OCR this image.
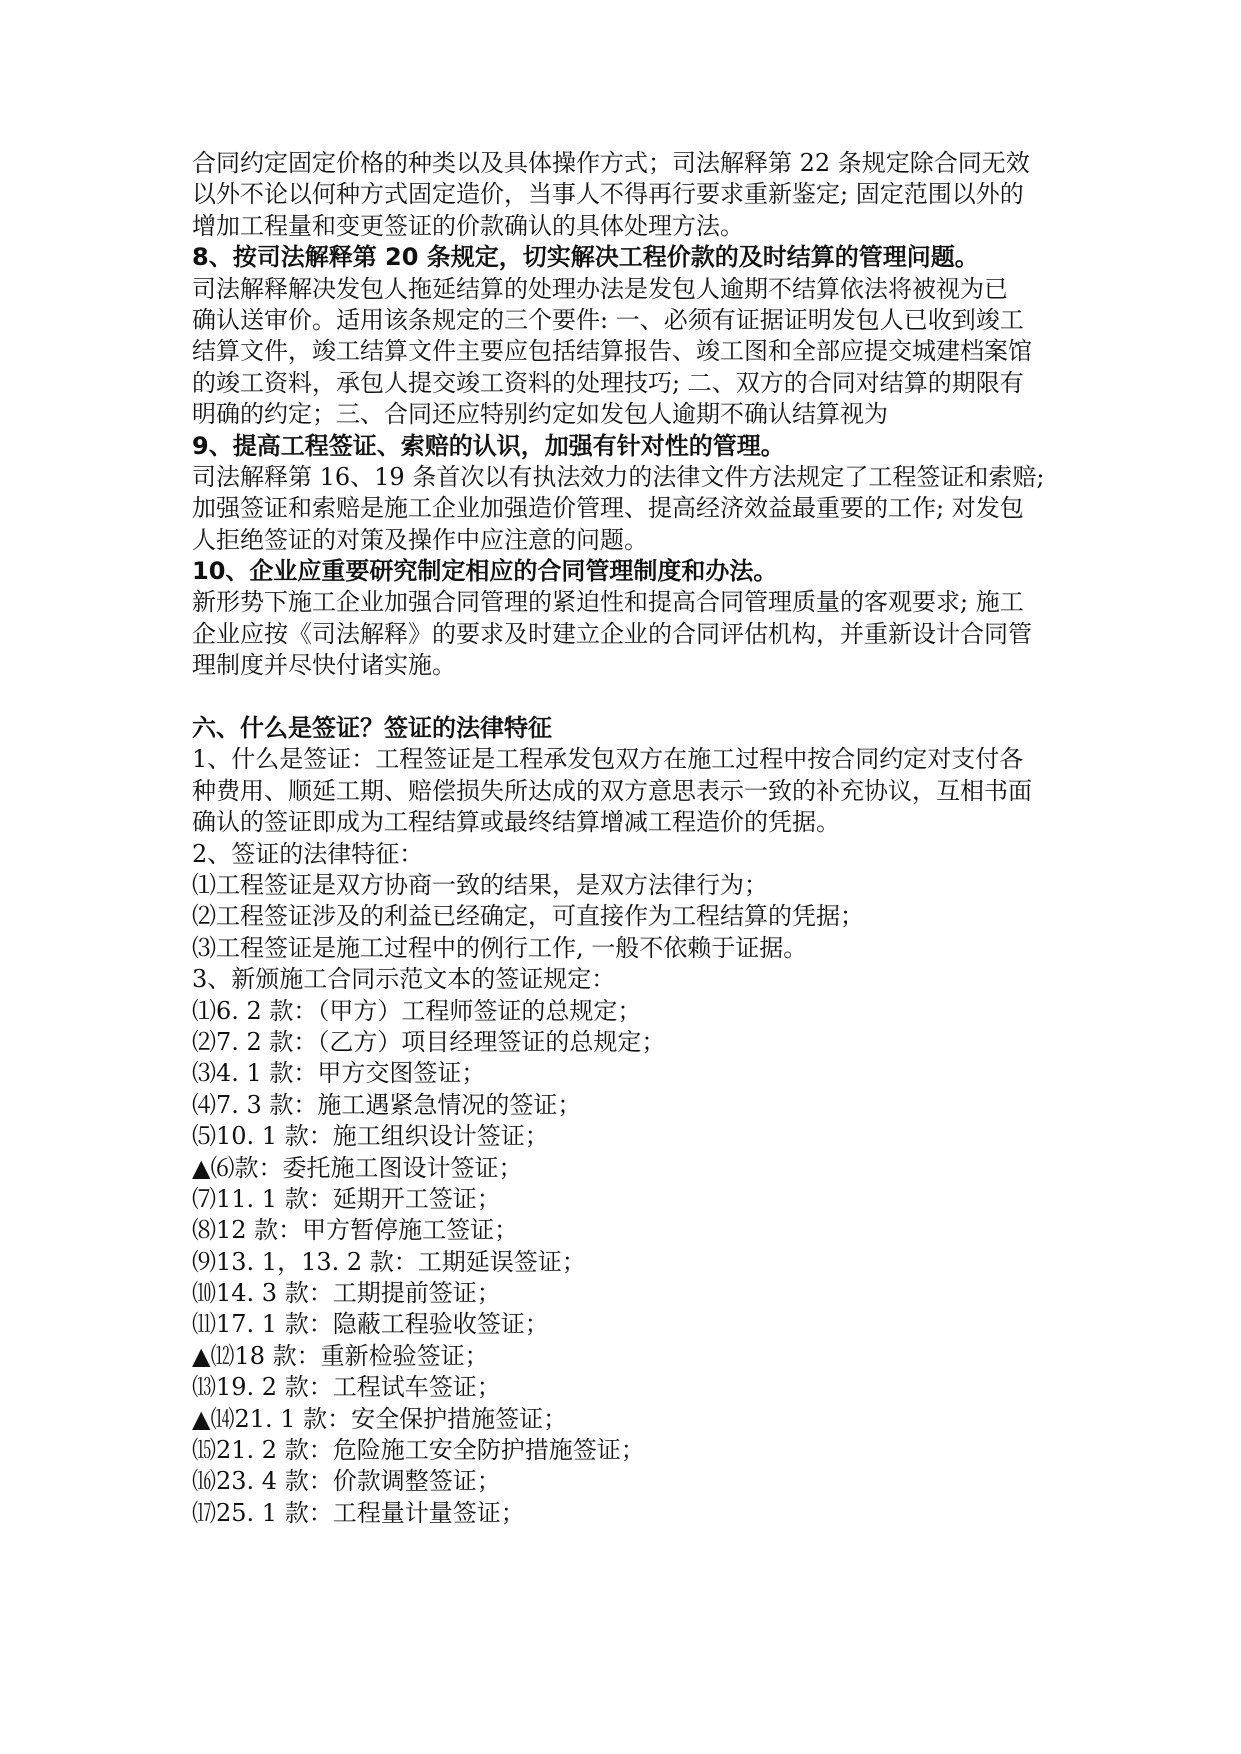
合同约定固定价格的种类以及具体操作方式；司法解释第 22 条规定除合同无效
以外不论以何种方式固定造价，当事人不得再行要求重新鉴定; 固定范围以外的
增加工程量和变更签证的价款确认的具体处理方法。
8、按司法解释第 20 条规定，切实解决工程价款的及时结算的管理问题。
司法解释解决发包人拖延结算的处理办法是发包人逾期不结算依法将被视为已
确认送审价。适用该条规定的三个要件: 一、必须有证据证明发包人已收到竣工
结算文件，竣工结算文件主要应包括结算报告、竣工图和全部应提交城建档案馆
的竣工资料，承包人提交竣工资料的处理技巧; 二、双方的合同对结算的期限有
明确的约定；三、合同还应特别约定如发包人逾期不确认结算视为
9、提高工程签证、索赔的认识，加强有针对性的管理。
司法解释第 16、19 条首次以有执法效力的法律文件方法规定了工程签证和索赔;
加强签证和索赔是施工企业加强造价管理、提高经济效益最重要的工作; 对发包
人拒绝签证的对策及操作中应注意的问题。
10、企业应重要研究制定相应的合同管理制度和办法。
新形势下施工企业加强合同管理的紧迫性和提高合同管理质量的客观要求; 施工
企业应按《司法解释》的要求及时建立企业的合同评估机构，并重新设计合同管
理制度并尽快付诸实施。
六、什么是签证？签证的法律特征
1、什么是签证：工程签证是工程承发包双方在施工过程中按合同约定对支付各
种费用、顺延工期、赔偿损失所达成的双方意思表示一致的补充协议，互相书面
确认的签证即成为工程结算或最终结算增减工程造价的凭据。
2、签证的法律特征：
⑴工程签证是双方协商一致的结果，是双方法律行为；
⑵工程签证涉及的利益已经确定，可直接作为工程结算的凭据；
⑶工程签证是施工过程中的例行工作, 一般不依赖于证据。
3、新颁施工合同示范文本的签证规定：
⑴6. 2 款：（甲方）工程师签证的总规定；
⑵7. 2 款：（乙方）项目经理签证的总规定；
⑶4. 1 款：甲方交图签证；
⑷7. 3 款：施工遇紧急情况的签证；
⑸10. 1 款：施工组织设计签证；
▲⑹款：委托施工图设计签证；
⑺11. 1 款：延期开工签证；
⑻12 款：甲方暂停施工签证；
⑼13. 1，13. 2 款：工期延误签证；
⑽14. 3 款：工期提前签证；
⑾17. 1 款：隐蔽工程验收签证；
▲⑿18 款：重新检验签证；
⒀19. 2 款：工程试车签证；
▲⒁21. 1 款：安全保护措施签证；
⒂21. 2 款：危险施工安全防护措施签证；
⒃23. 4 款：价款调整签证；
⒄25. 1 款：工程量计量签证；
